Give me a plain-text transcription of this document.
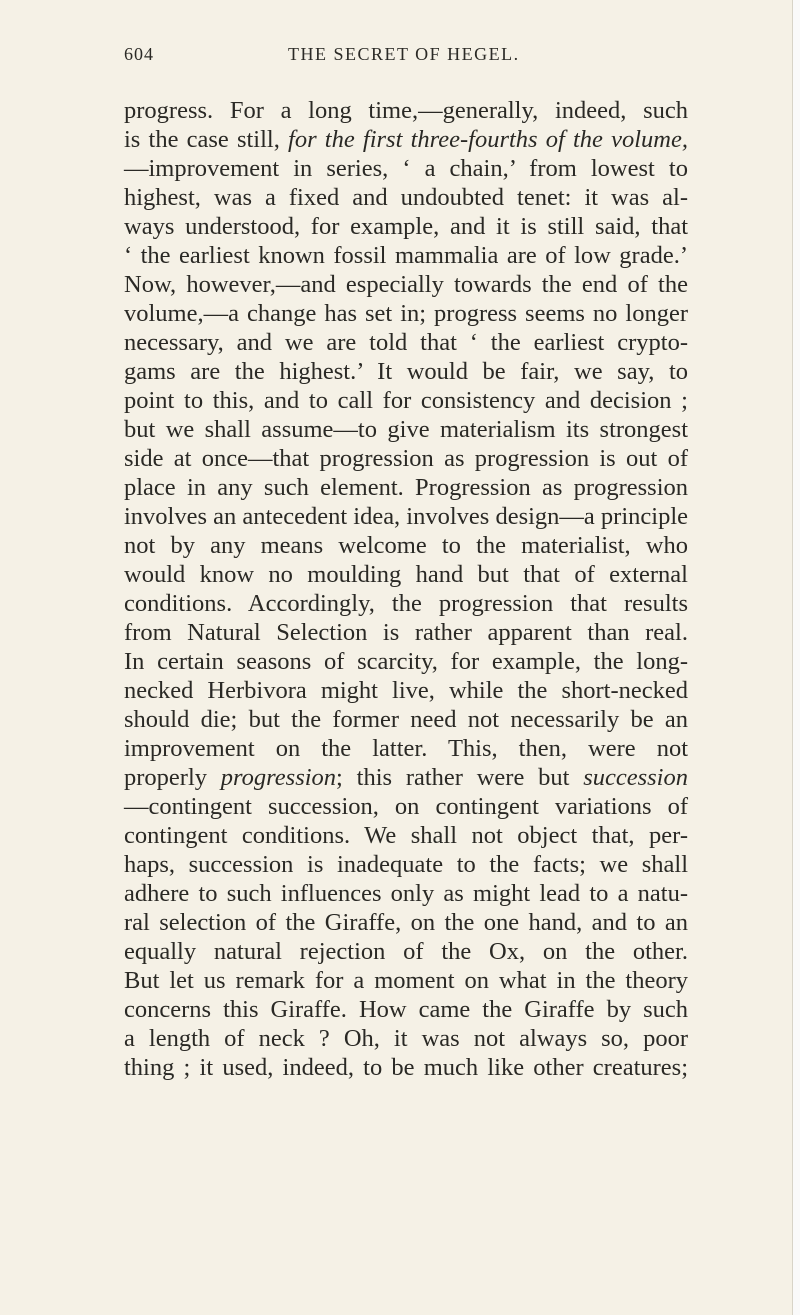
604	THE SECRET OF HEGEL.
progress. For a long time,—generally, indeed, such
is the case still, for the first three-fourths of the volume,
—improvement in series, ‘ a chain,’ from lowest to
highest, was a fixed and undoubted tenet: it was al-
ways understood, for example, and it is still said, that
‘ the earliest known fossil mammalia are of low grade.’
Now, however,—and especially towards the end of the
volume,—a change has set in; progress seems no longer
necessary, and we are told that ‘ the earliest crypto-
gams are the highest.’ It would be fair, we say, to
point to this, and to call for consistency and decision ;
but we shall assume—to give materialism its strongest
side at once—that progression as progression is out of
place in any such element. Progression as progression
involves an antecedent idea, involves design—a principle
not by any means welcome to the materialist, who
would know no moulding hand but that of external
conditions. Accordingly, the progression that results
from Natural Selection is rather apparent than real.
In certain seasons of scarcity, for example, the long-
necked Herbivora might live, while the short-necked
should die; but the former need not necessarily be an
improvement on the latter. This, then, were not
properly progression; this rather were but succession
—contingent succession, on contingent variations of
contingent conditions. We shall not object that, per-
haps, succession is inadequate to the facts; we shall
adhere to such influences only as might lead to a natu-
ral selection of the Giraffe, on the one hand, and to an
equally natural rejection of the Ox, on the other.
But let us remark for a moment on what in the theory
concerns this Giraffe. How came the Giraffe by such
a length of neck ? Oh, it was not always so, poor
thing ; it used, indeed, to be much like other creatures;
